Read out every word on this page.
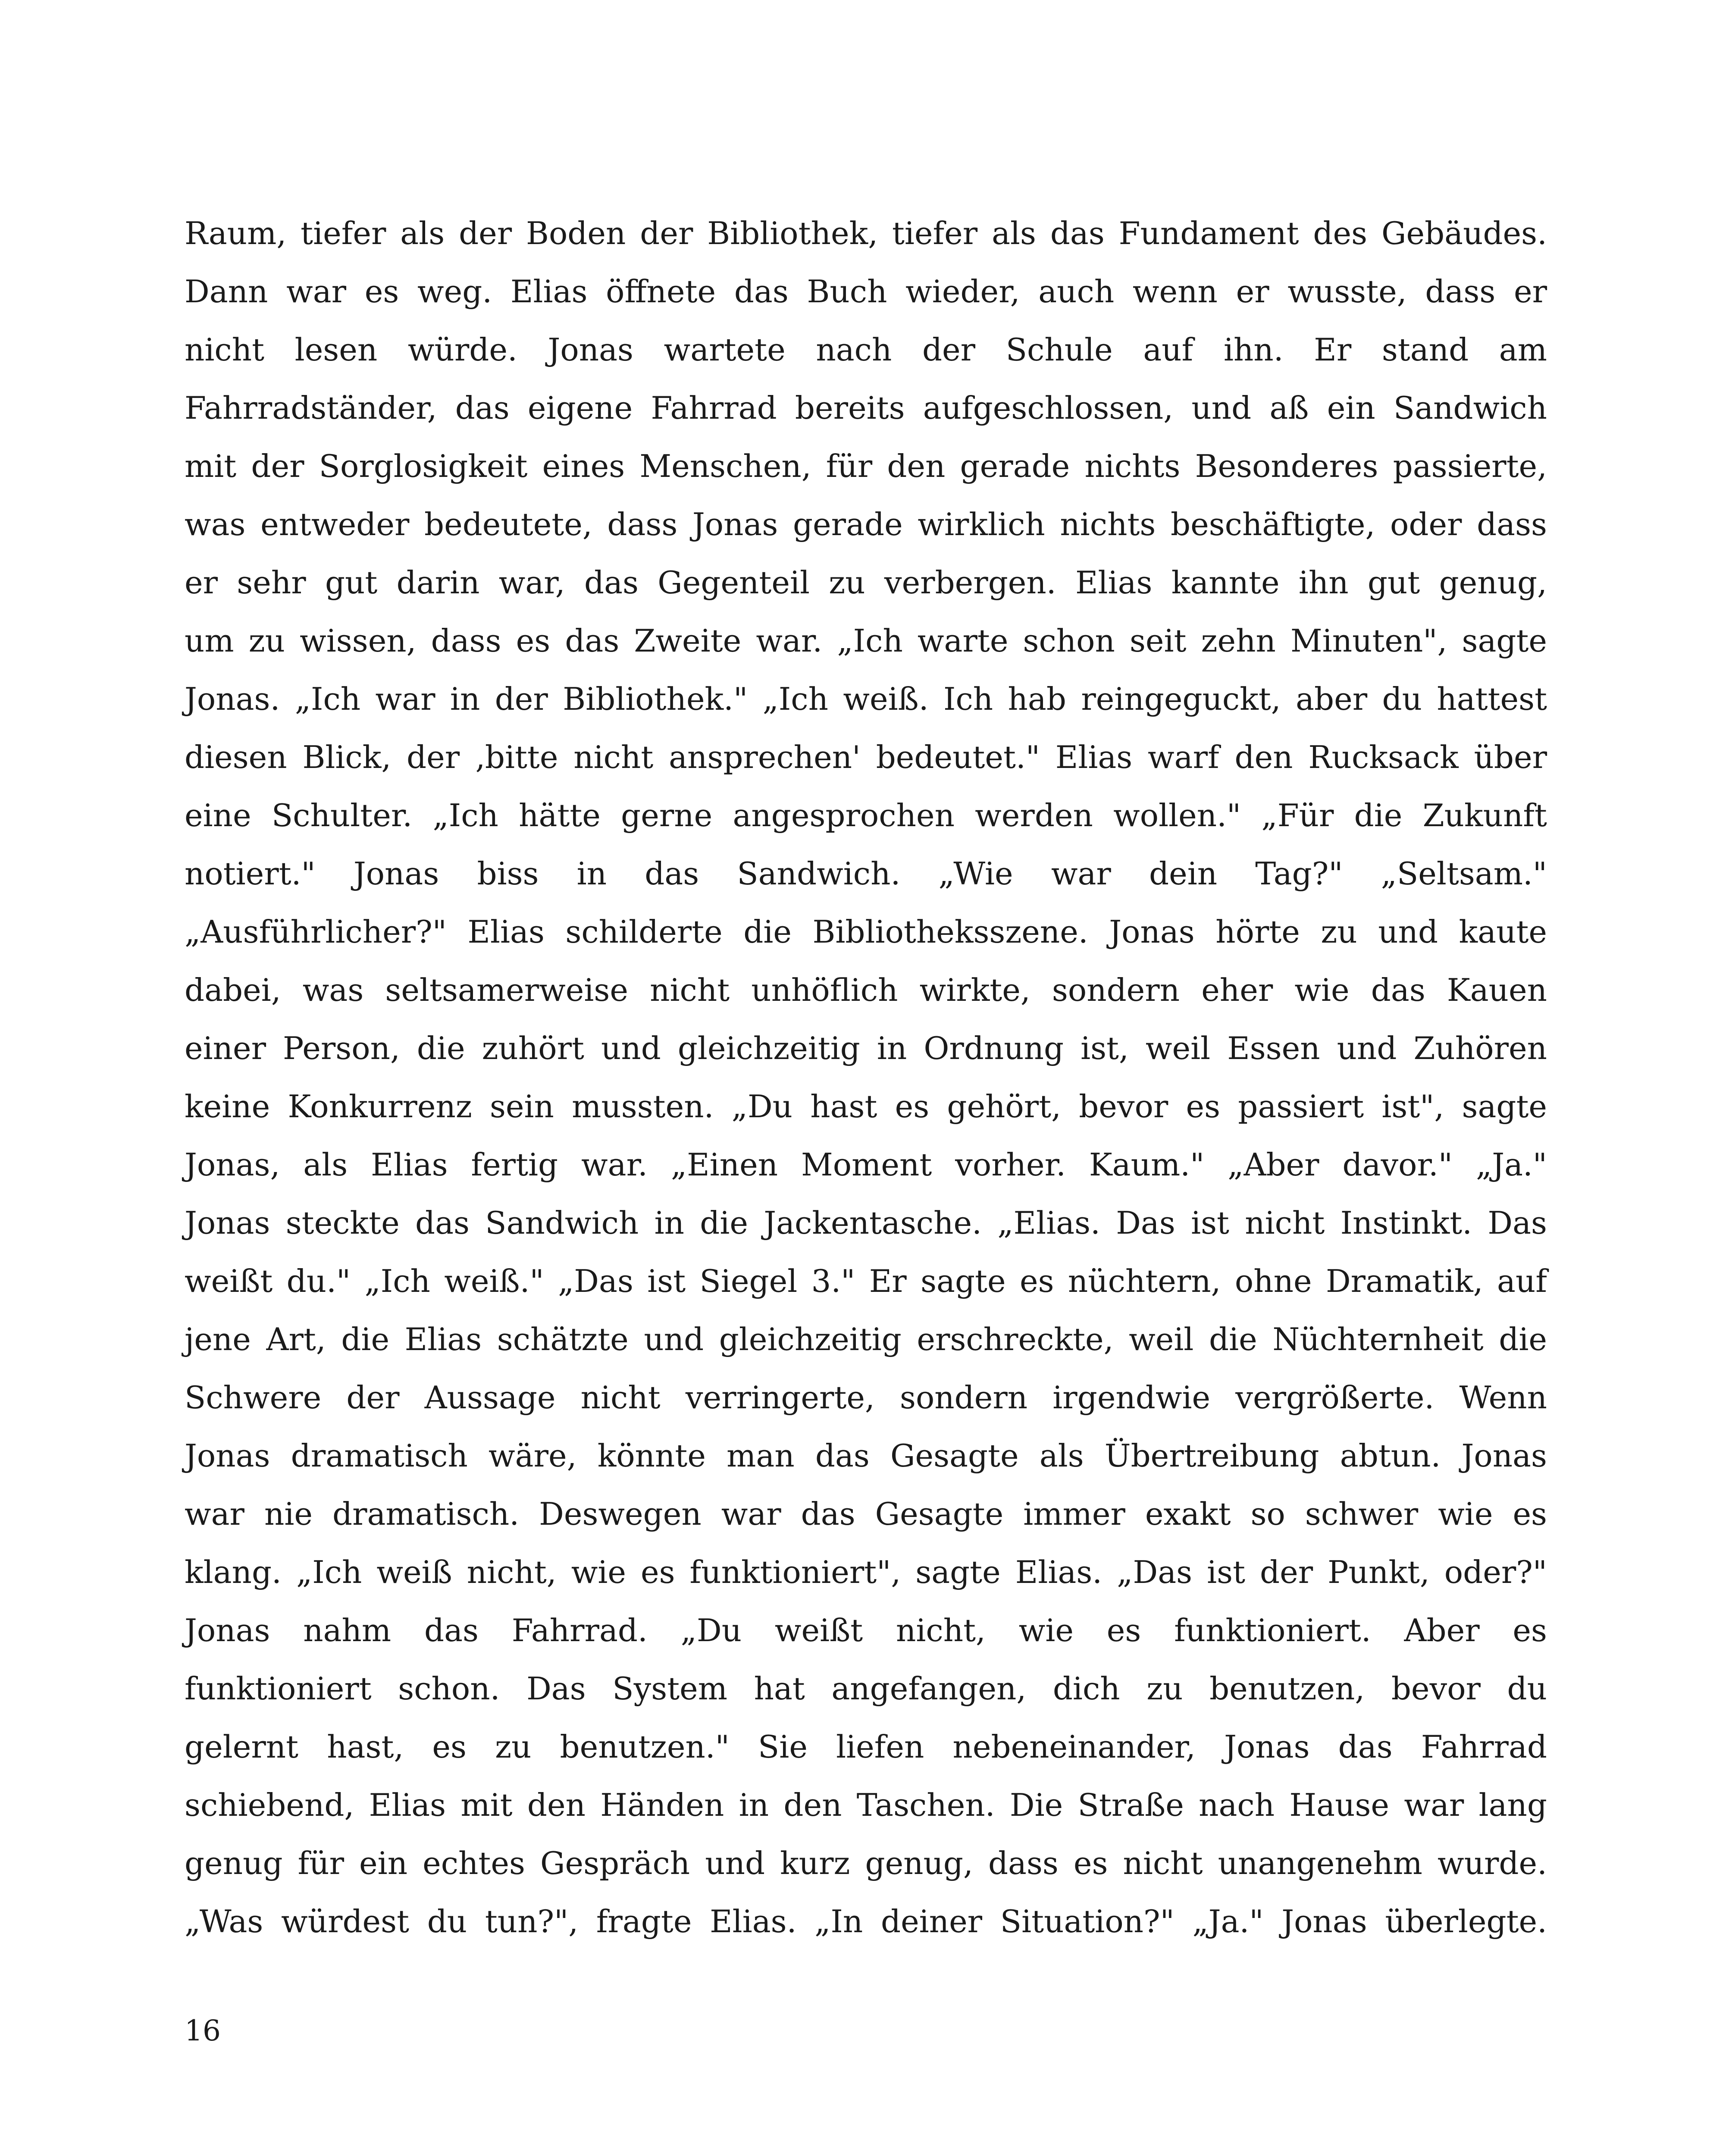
Raum, tiefer als der Boden der Bibliothek, tiefer als das Fundament des Gebäudes.
Dann war es weg. Elias öffnete das Buch wieder, auch wenn er wusste, dass er
nicht lesen würde. Jonas wartete nach der Schule auf ihn. Er stand am
Fahrradständer, das eigene Fahrrad bereits aufgeschlossen, und aß ein Sandwich
mit der Sorglosigkeit eines Menschen, für den gerade nichts Besonderes passierte,
was entweder bedeutete, dass Jonas gerade wirklich nichts beschäftigte, oder dass
er sehr gut darin war, das Gegenteil zu verbergen. Elias kannte ihn gut genug,
um zu wissen, dass es das Zweite war. „Ich warte schon seit zehn Minuten", sagte
Jonas. „Ich war in der Bibliothek." „Ich weiß. Ich hab reingeguckt, aber du hattest
diesen Blick, der ‚bitte nicht ansprechen' bedeutet." Elias warf den Rucksack über
eine Schulter. „Ich hätte gerne angesprochen werden wollen." „Für die Zukunft
notiert." Jonas biss in das Sandwich. „Wie war dein Tag?" „Seltsam."
„Ausführlicher?" Elias schilderte die Bibliotheksszene. Jonas hörte zu und kaute
dabei, was seltsamerweise nicht unhöflich wirkte, sondern eher wie das Kauen
einer Person, die zuhört und gleichzeitig in Ordnung ist, weil Essen und Zuhören
keine Konkurrenz sein mussten. „Du hast es gehört, bevor es passiert ist", sagte
Jonas, als Elias fertig war. „Einen Moment vorher. Kaum." „Aber davor." „Ja."
Jonas steckte das Sandwich in die Jackentasche. „Elias. Das ist nicht Instinkt. Das
weißt du." „Ich weiß." „Das ist Siegel 3." Er sagte es nüchtern, ohne Dramatik, auf
jene Art, die Elias schätzte und gleichzeitig erschreckte, weil die Nüchternheit die
Schwere der Aussage nicht verringerte, sondern irgendwie vergrößerte. Wenn
Jonas dramatisch wäre, könnte man das Gesagte als Übertreibung abtun. Jonas
war nie dramatisch. Deswegen war das Gesagte immer exakt so schwer wie es
klang. „Ich weiß nicht, wie es funktioniert", sagte Elias. „Das ist der Punkt, oder?"
Jonas nahm das Fahrrad. „Du weißt nicht, wie es funktioniert. Aber es
funktioniert schon. Das System hat angefangen, dich zu benutzen, bevor du
gelernt hast, es zu benutzen." Sie liefen nebeneinander, Jonas das Fahrrad
schiebend, Elias mit den Händen in den Taschen. Die Straße nach Hause war lang
genug für ein echtes Gespräch und kurz genug, dass es nicht unangenehm wurde.
„Was würdest du tun?", fragte Elias. „In deiner Situation?" „Ja." Jonas überlegte.
16
